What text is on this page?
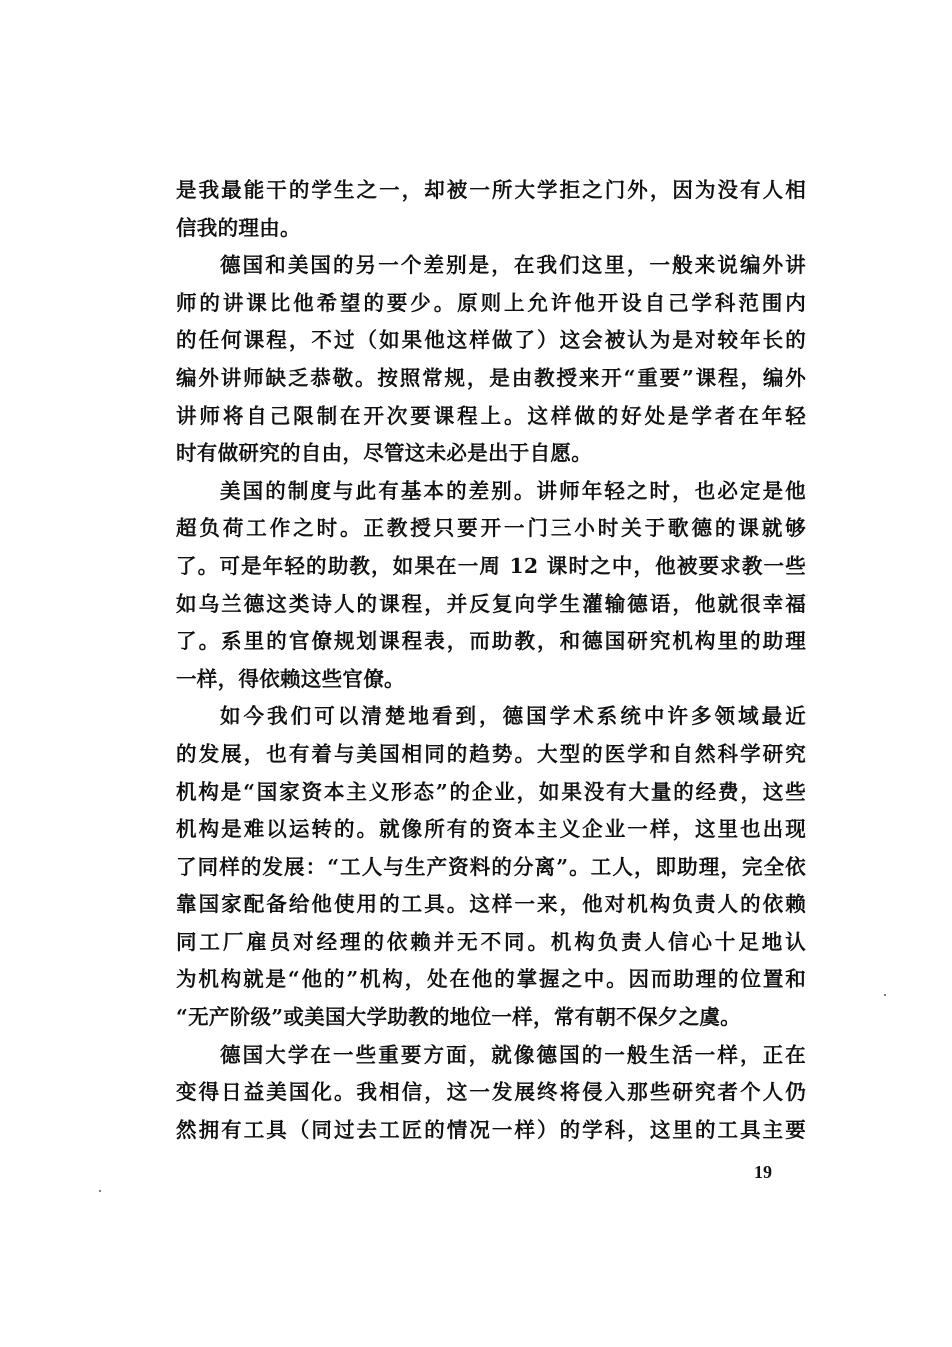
是我最能干的学生之一，却被一所大学拒之门外，因为没有人相
信我的理由。
德国和美国的另一个差别是，在我们这里，一般来说编外讲
师的讲课比他希望的要少。原则上允许他开设自己学科范围内
的任何课程，不过（如果他这样做了）这会被认为是对较年长的
编外讲师缺乏恭敬。按照常规，是由教授来开“重要”课程，编外
讲师将自己限制在开次要课程上。这样做的好处是学者在年轻
时有做研究的自由，尽管这未必是出于自愿。
美国的制度与此有基本的差别。讲师年轻之时，也必定是他
超负荷工作之时。正教授只要开一门三小时关于歌德的课就够
了。可是年轻的助教，如果在一周 12 课时之中，他被要求教一些
如乌兰德这类诗人的课程，并反复向学生灌输德语，他就很幸福
了。系里的官僚规划课程表，而助教，和德国研究机构里的助理
一样，得依赖这些官僚。
如今我们可以清楚地看到，德国学术系统中许多领域最近
的发展，也有着与美国相同的趋势。大型的医学和自然科学研究
机构是“国家资本主义形态”的企业，如果没有大量的经费，这些
机构是难以运转的。就像所有的资本主义企业一样，这里也出现
了同样的发展：“工人与生产资料的分离”。工人，即助理，完全依
靠国家配备给他使用的工具。这样一来，他对机构负责人的依赖
同工厂雇员对经理的依赖并无不同。机构负责人信心十足地认
为机构就是“他的”机构，处在他的掌握之中。因而助理的位置和
“无产阶级”或美国大学助教的地位一样，常有朝不保夕之虞。
德国大学在一些重要方面，就像德国的一般生活一样，正在
变得日益美国化。我相信，这一发展终将侵入那些研究者个人仍
然拥有工具（同过去工匠的情况一样）的学科，这里的工具主要
19
